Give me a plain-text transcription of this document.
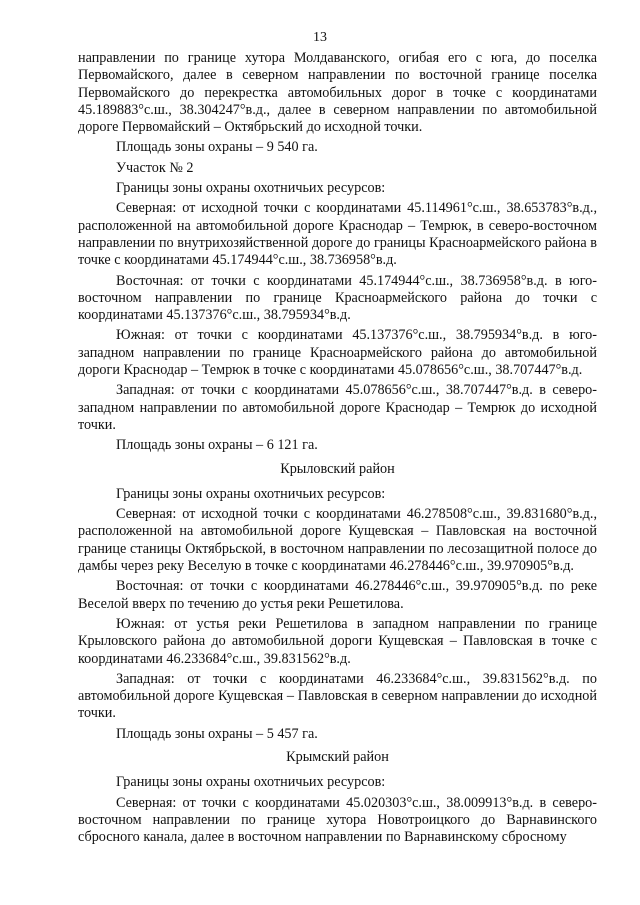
13

направлении по границе хутора Молдаванского, огибая его с юга, до поселка Первомайского, далее в северном направлении по восточной границе поселка Первомайского до перекрестка автомобильных дорог в точке с координатами 45.189883°с.ш., 38.304247°в.д., далее в северном направлении по автомобильной дороге Первомайский – Октябрьский до исходной точки.

Площадь зоны охраны – 9 540 га.

Участок № 2

Границы зоны охраны охотничьих ресурсов:

Северная: от исходной точки с координатами 45.114961°с.ш., 38.653783°в.д., расположенной на автомобильной дороге Краснодар – Темрюк, в северо-восточном направлении по внутрихозяйственной дороге до границы Красноармейского района в точке с координатами 45.174944°с.ш., 38.736958°в.д.

Восточная: от точки с координатами 45.174944°с.ш., 38.736958°в.д. в юго-восточном направлении по границе Красноармейского района до точки с координатами 45.137376°с.ш., 38.795934°в.д.

Южная: от точки с координатами 45.137376°с.ш., 38.795934°в.д. в юго-западном направлении по границе Красноармейского района до автомобильной дороги Краснодар – Темрюк в точке с координатами 45.078656°с.ш., 38.707447°в.д.

Западная: от точки с координатами 45.078656°с.ш., 38.707447°в.д. в северо-западном направлении по автомобильной дороге Краснодар – Темрюк до исходной точки.

Площадь зоны охраны – 6 121 га.

Крыловский район

Границы зоны охраны охотничьих ресурсов:

Северная: от исходной точки с координатами 46.278508°с.ш., 39.831680°в.д., расположенной на автомобильной дороге Кущевская – Павловская на восточной границе станицы Октябрьской, в восточном направлении по лесозащитной полосе до дамбы через реку Веселую в точке с координатами 46.278446°с.ш., 39.970905°в.д.

Восточная: от точки с координатами 46.278446°с.ш., 39.970905°в.д. по реке Веселой вверх по течению до устья реки Решетилова.

Южная: от устья реки Решетилова в западном направлении по границе Крыловского района до автомобильной дороги Кущевская – Павловская в точке с координатами 46.233684°с.ш., 39.831562°в.д.

Западная: от точки с координатами 46.233684°с.ш., 39.831562°в.д. по автомобильной дороге Кущевская – Павловская в северном направлении до исходной точки.

Площадь зоны охраны – 5 457 га.

Крымский район

Границы зоны охраны охотничьих ресурсов:

Северная: от точки с координатами 45.020303°с.ш., 38.009913°в.д. в северо-восточном направлении по границе хутора Новотроицкого до Варнавинского сбросного канала, далее в восточном направлении по Варнавинскому сбросному
